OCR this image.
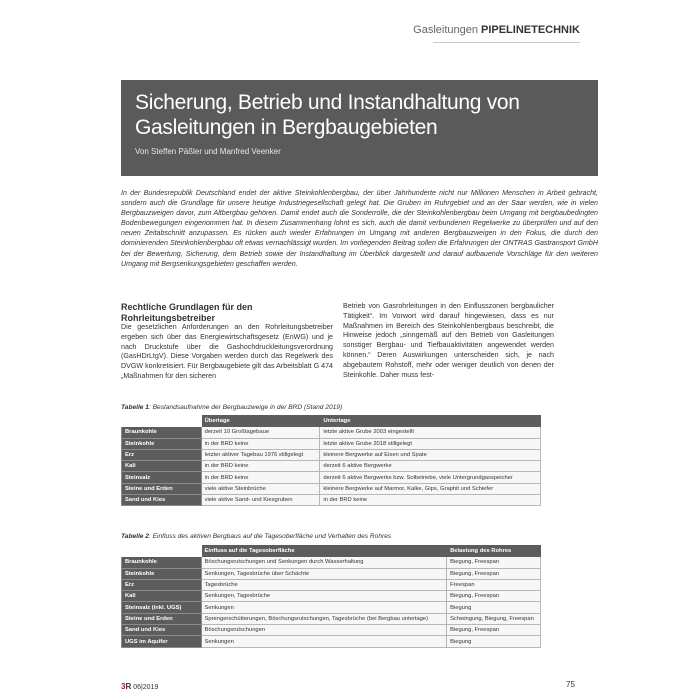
Gasleitungen PIPELINETECHNIK
Sicherung, Betrieb und Instandhaltung von
Gasleitungen in Bergbaugebieten
Von Steffen Päßler und Manfred Veenker

In der Bundesrepublik Deutschland endet der aktive Steinkohlenbergbau, der über Jahrhunderte nicht nur Millionen Menschen in Arbeit gebracht, sondern auch die Grundlage für unsere heutige Industriegesellschaft gelegt hat. Die Gruben im Ruhrgebiet und an der Saar werden, wie in vielen Bergbauzweigen davor, zum Altbergbau gehören. Damit endet auch die Sonderrolle, die der Steinkohlenbergbau beim Umgang mit bergbaubedingten Bodenbewegungen eingenommen hat. In diesem Zusammenhang lohnt es sich, auch die damit verbundenen Regelwerke zu überprüfen und auf den neuen Zeitabschnitt anzupassen. Es rücken auch wieder Erfahrungen im Umgang mit anderen Bergbauzweigen in den Fokus, die durch den dominierenden Steinkohlenbergbau oft etwas vernachlässigt wurden. Im vorliegenden Beitrag sollen die Erfahrungen der ONTRAS Gastransport GmbH bei der Bewertung, Sicherung, dem Betrieb sowie der Instandhaltung im Überblick dargestellt und darauf aufbauende Vorschläge für den weiteren Umgang mit Bergsenkungsgebieten geschaffen werden.

Rechtliche Grundlagen für den Rohrleitungsbetreiber

Die gesetzlichen Anforderungen an den Rohrleitungsbetreiber ergeben sich über das Energiewirtschaftsgesetz (EnWG) und je nach Druckstufe über die Gashochdruckleitungsverordnung (GasHDrLtgV). Diese Vorgaben werden durch das Regelwerk des DVGW konkretisiert. Für Bergbaugebiete gilt das Arbeitsblatt G 474 „Maßnahmen für den sicheren

Betrieb von Gasrohrleitungen in den Einflusszonen bergbaulicher Tätigkeit“. Im Vorwort wird darauf hingewiesen, dass es nur Maßnahmen im Bereich des Steinkohlenbergbaus beschreibt, die Hinweise jedoch „sinngemäß auf den Betrieb von Gasleitungen sonstiger Bergbau- und Tiefbauaktivitäten angewendet werden können.“ Deren Auswirkungen unterscheiden sich, je nach abgebautem Rohstoff, mehr oder weniger deutlich von denen der Steinkohle. Daher muss fest-

Tabelle 1: Bestandsaufnahme der Bergbauzweige in der BRD (Stand 2019)
	Übertage	Untertage
Braunkohle	derzeit 10 Großtagebaue	letzte aktive Grube 2003 eingestellt
Steinkohle	in der BRD keine	letzte aktive Grube 2018 stillgelegt
Erz	letzter aktiver Tagebau 1976 stillgelegt	kleinere Bergwerke auf Eisen und Spate
Kali	in der BRD keine	derzeit 6 aktive Bergwerke
Steinsalz	in der BRD keine	derzeit 6 aktive Bergwerke bzw. Solbetriebe, viele Untergrundgasspeicher
Steine und Erden	viele aktive Steinbrüche	kleinere Bergwerke auf Marmor, Kalke, Gips, Graphit und Schiefer
Sand und Kies	viele aktive Sand- und Kiesgruben	in der BRD keine
Tabelle 2: Einfluss des aktiven Bergbaus auf die Tagesoberfläche und Verhalten des Rohres
	Einfluss auf die Tagesoberfläche	Belastung des Rohres
Braunkohle	Böschungsrutschungen und Senkungen durch Wasserhaltung	Biegung, Freespan
Steinkohle	Senkungen, Tagesbrüche über Schächte	Biegung, Freespan
Erz	Tagesbrüche	Freespan
Kali	Senkungen, Tagesbrüche	Biegung, Freespan
Steinsalz (inkl. UGS)	Senkungen	Biegung
Steine und Erden	Sprengerschütterungen, Böschungsrutschungen, Tagesbrüche (bei Bergbau untertage)	Schwingung, Biegung, Freespan
Sand und Kies	Böschungsrutschungen	Biegung, Freespan
UGS im Aquifer	Senkungen	Biegung
3R 06|2019	75
